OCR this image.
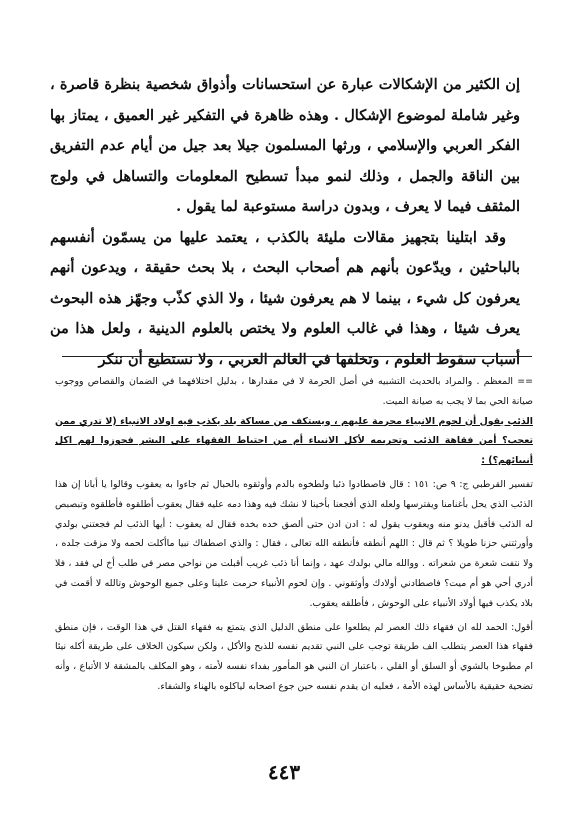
إن الكثير من الإشكالات عبارة عن استحسانات وأذواق شخصية بنظرة قاصرة ، وغير شاملة لموضوع الإشكال . وهذه ظاهرة في التفكير غير العميق ، يمتاز بها الفكر العربي والإسلامي ، ورثها المسلمون جيلا بعد جيل من أيام عدم التفريق بين الناقة والجمل ، وذلك لنمو مبدأ تسطيح المعلومات والتساهل في ولوج المثقف فيما لا يعرف ، وبدون دراسة مستوعبة لما يقول .

وقد ابتلينا بتجهيز مقالات مليئة بالكذب ، يعتمد عليها من يسمّون أنفسهم بالباحثين ، ويدّعون بأنهم هم أصحاب البحث ، بلا بحث حقيقة ، ويدعون أنهم يعرفون كل شيء ، بينما لا هم يعرفون شيئا ، ولا الذي كذّب وجهّز هذه البحوث يعرف شيئا ، وهذا في غالب العلوم ولا يختص بالعلوم الدينية ، ولعل هذا من أسباب سقوط العلوم ، وتخلفها في العالم العربي ، ولا نستطيع أن ننكر

== المعظم . والمراد بالحديث التشبيه في أصل الحرمة لا في مقدارها ، بدليل اختلافهما في الضمان والقصاص ووجوب صيانة الحي بما لا يجب به صيانة الميت.

الذئب يقول أن لحوم الانبياء محرمة عليهم ، ويستكف من مساكة بلد يكذب فيه اولاد الانبياء (لا تدري ممن تعجب؟ أمن فقاهة الذئب وتحريمه لأكل الانبياء أم من احتياط الفقهاء على البشر فجوزوا لهم اكل أنبيائهم؟) :

تفسير القرطبي ج: ٩ ص: ١٥١ : قال فاصطادوا ذئبا ولطخوه بالدم وأوثقوه بالحبال ثم جاءوا به يعقوب وقالوا يا أبانا إن هذا الذئب الذي يحل بأغنامنا ويفترسها ولعله الذي أفجعنا بأخينا لا نشك فيه وهذا دمه عليه فقال يعقوب أطلقوه فأطلقوه وتبصبص له الذئب فأقبل يدنو منه ويعقوب يقول له : ادن ادن حتى ألصق خده بخده فقال له يعقوب : أيها الذئب لم فجعتني بولدي وأورثتني حزنا طويلا ؟ ثم قال : اللهم أنطقه فأنطقه الله تعالى ، فقال : والذي اصطفاك نبيا ماأكلت لحمه ولا مزقت جلده ، ولا نتفت شعرة من شعراته . ووالله مالي بولدك عهد ، وإنما أنا ذئب غريب أقبلت من نواحي مصر في طلب أخ لي فقد ، فلا أدري أحي هو أم ميت؟ فاصطادني أولادك وأوثقوني . وإن لحوم الأنبياء حرمت علينا وعلى جميع الوحوش وتالله لا أقمت في بلاد يكذب فيها أولاد الأنبياء على الوحوش ، فأطلقه يعقوب.

أقول: الحمد لله ان فقهاء ذلك العصر لم يطلعوا على منطق الدليل الذي يتمتع به فقهاء القتل في هذا الوقت ، فإن منطق فقهاء هذا العصر يتطلب الف طريقة توجب على النبي تقديم نفسه للذبح والأكل ، ولكن سيكون الخلاف على طريقة أكله نيئا ام مطبوخا بالشوي أو السلق أو القلي ، باعتبار ان النبي هو المأمور بفداء نفسه لأمته ، وهو المكلف بالمشقة لا الأتباع ، وأنه تضحية حقيقية بالأساس لهذه الأمة ، فعليه ان يقدم نفسه حين جوع اصحابه لياكلوه بالهناء والشفاء.

٤٤٣
